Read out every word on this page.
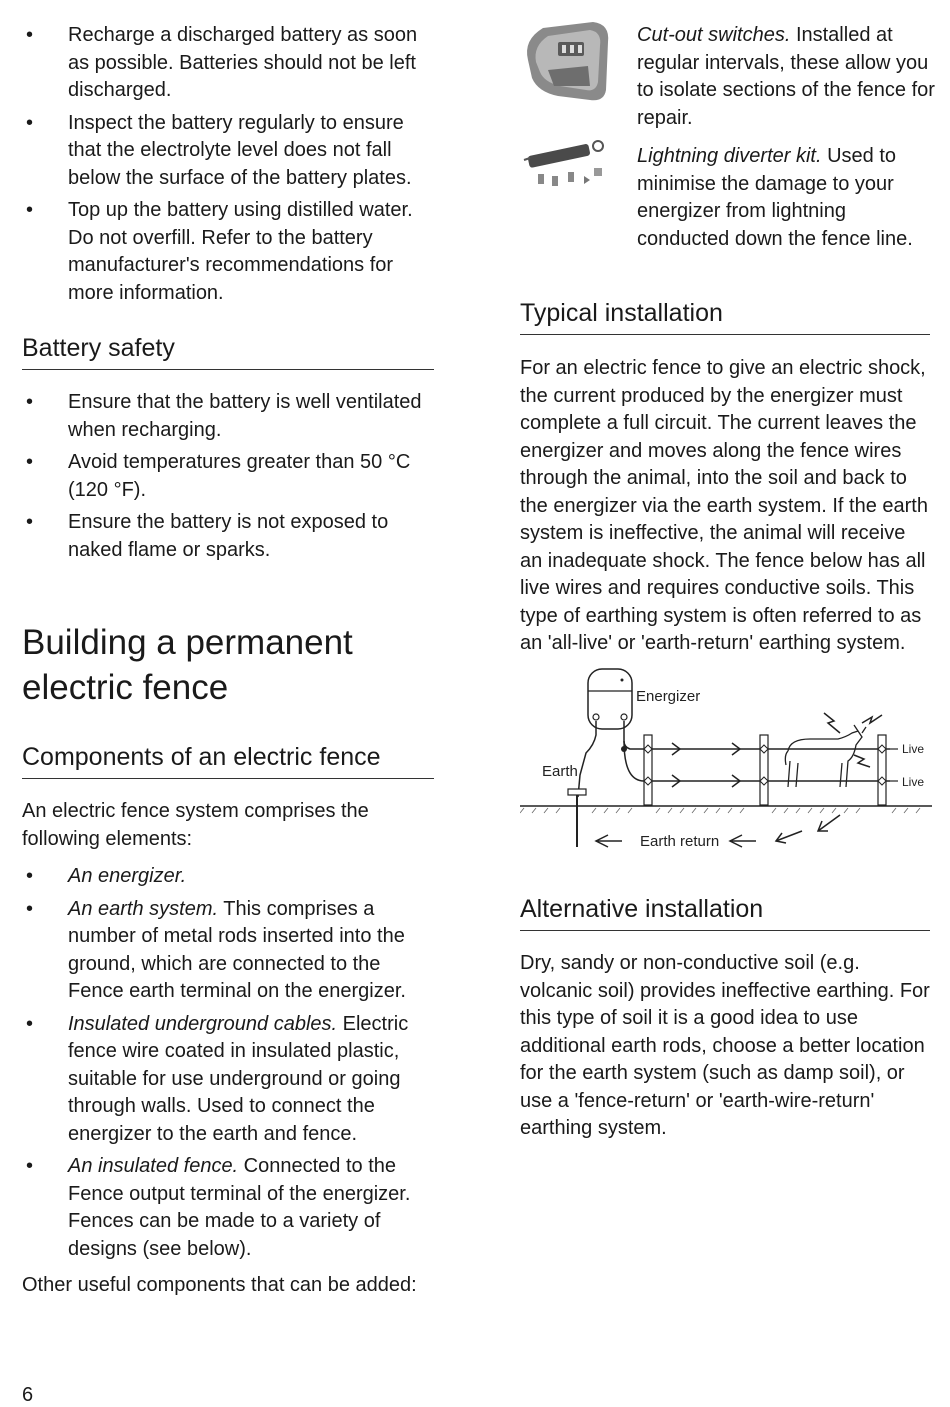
• Recharge a discharged battery as soon as possible. Batteries should not be left discharged.
• Inspect the battery regularly to ensure that the electrolyte level does not fall below the surface of the battery plates.
• Top up the battery using distilled water. Do not overfill. Refer to the battery manufacturer's recommendations for more information.
Battery safety
• Ensure that the battery is well ventilated when recharging.
• Avoid temperatures greater than 50 °C (120 °F).
• Ensure the battery is not exposed to naked flame or sparks.
Building a permanent
electric fence
Components of an electric fence

An electric fence system comprises the following elements:

• An energizer.
• An earth system. This comprises a number of metal rods inserted into the ground, which are connected to the Fence earth terminal on the energizer.
• Insulated underground cables. Electric fence wire coated in insulated plastic, suitable for use underground or going through walls. Used to connect the energizer to the earth and fence.
• An insulated fence. Connected to the Fence output terminal of the energizer. Fences can be made to a variety of designs (see below).

Other useful components that can be added:

Cut-out switches. Installed at regular intervals, these allow you to isolate sections of the fence for repair.

Lightning diverter kit. Used to minimise the damage to your energizer from lightning conducted down the fence line.

Typical installation

For an electric fence to give an electric shock, the current produced by the energizer must complete a full circuit. The current leaves the energizer and moves along the fence wires through the animal, into the soil and back to the energizer via the earth system. If the earth system is ineffective, the animal will receive an inadequate shock. The fence below has all live wires and requires conductive soils. This type of earthing system is often referred to as an 'all-live' or 'earth-return' earthing system.

Energizer
Earth
Live
Live
Earth return
Alternative installation

Dry, sandy or non-conductive soil (e.g. volcanic soil) provides ineffective earthing. For this type of soil it is a good idea to use additional earth rods, choose a better location for the earth system (such as damp soil), or use a 'fence-return' or 'earth-wire-return' earthing system.

6
